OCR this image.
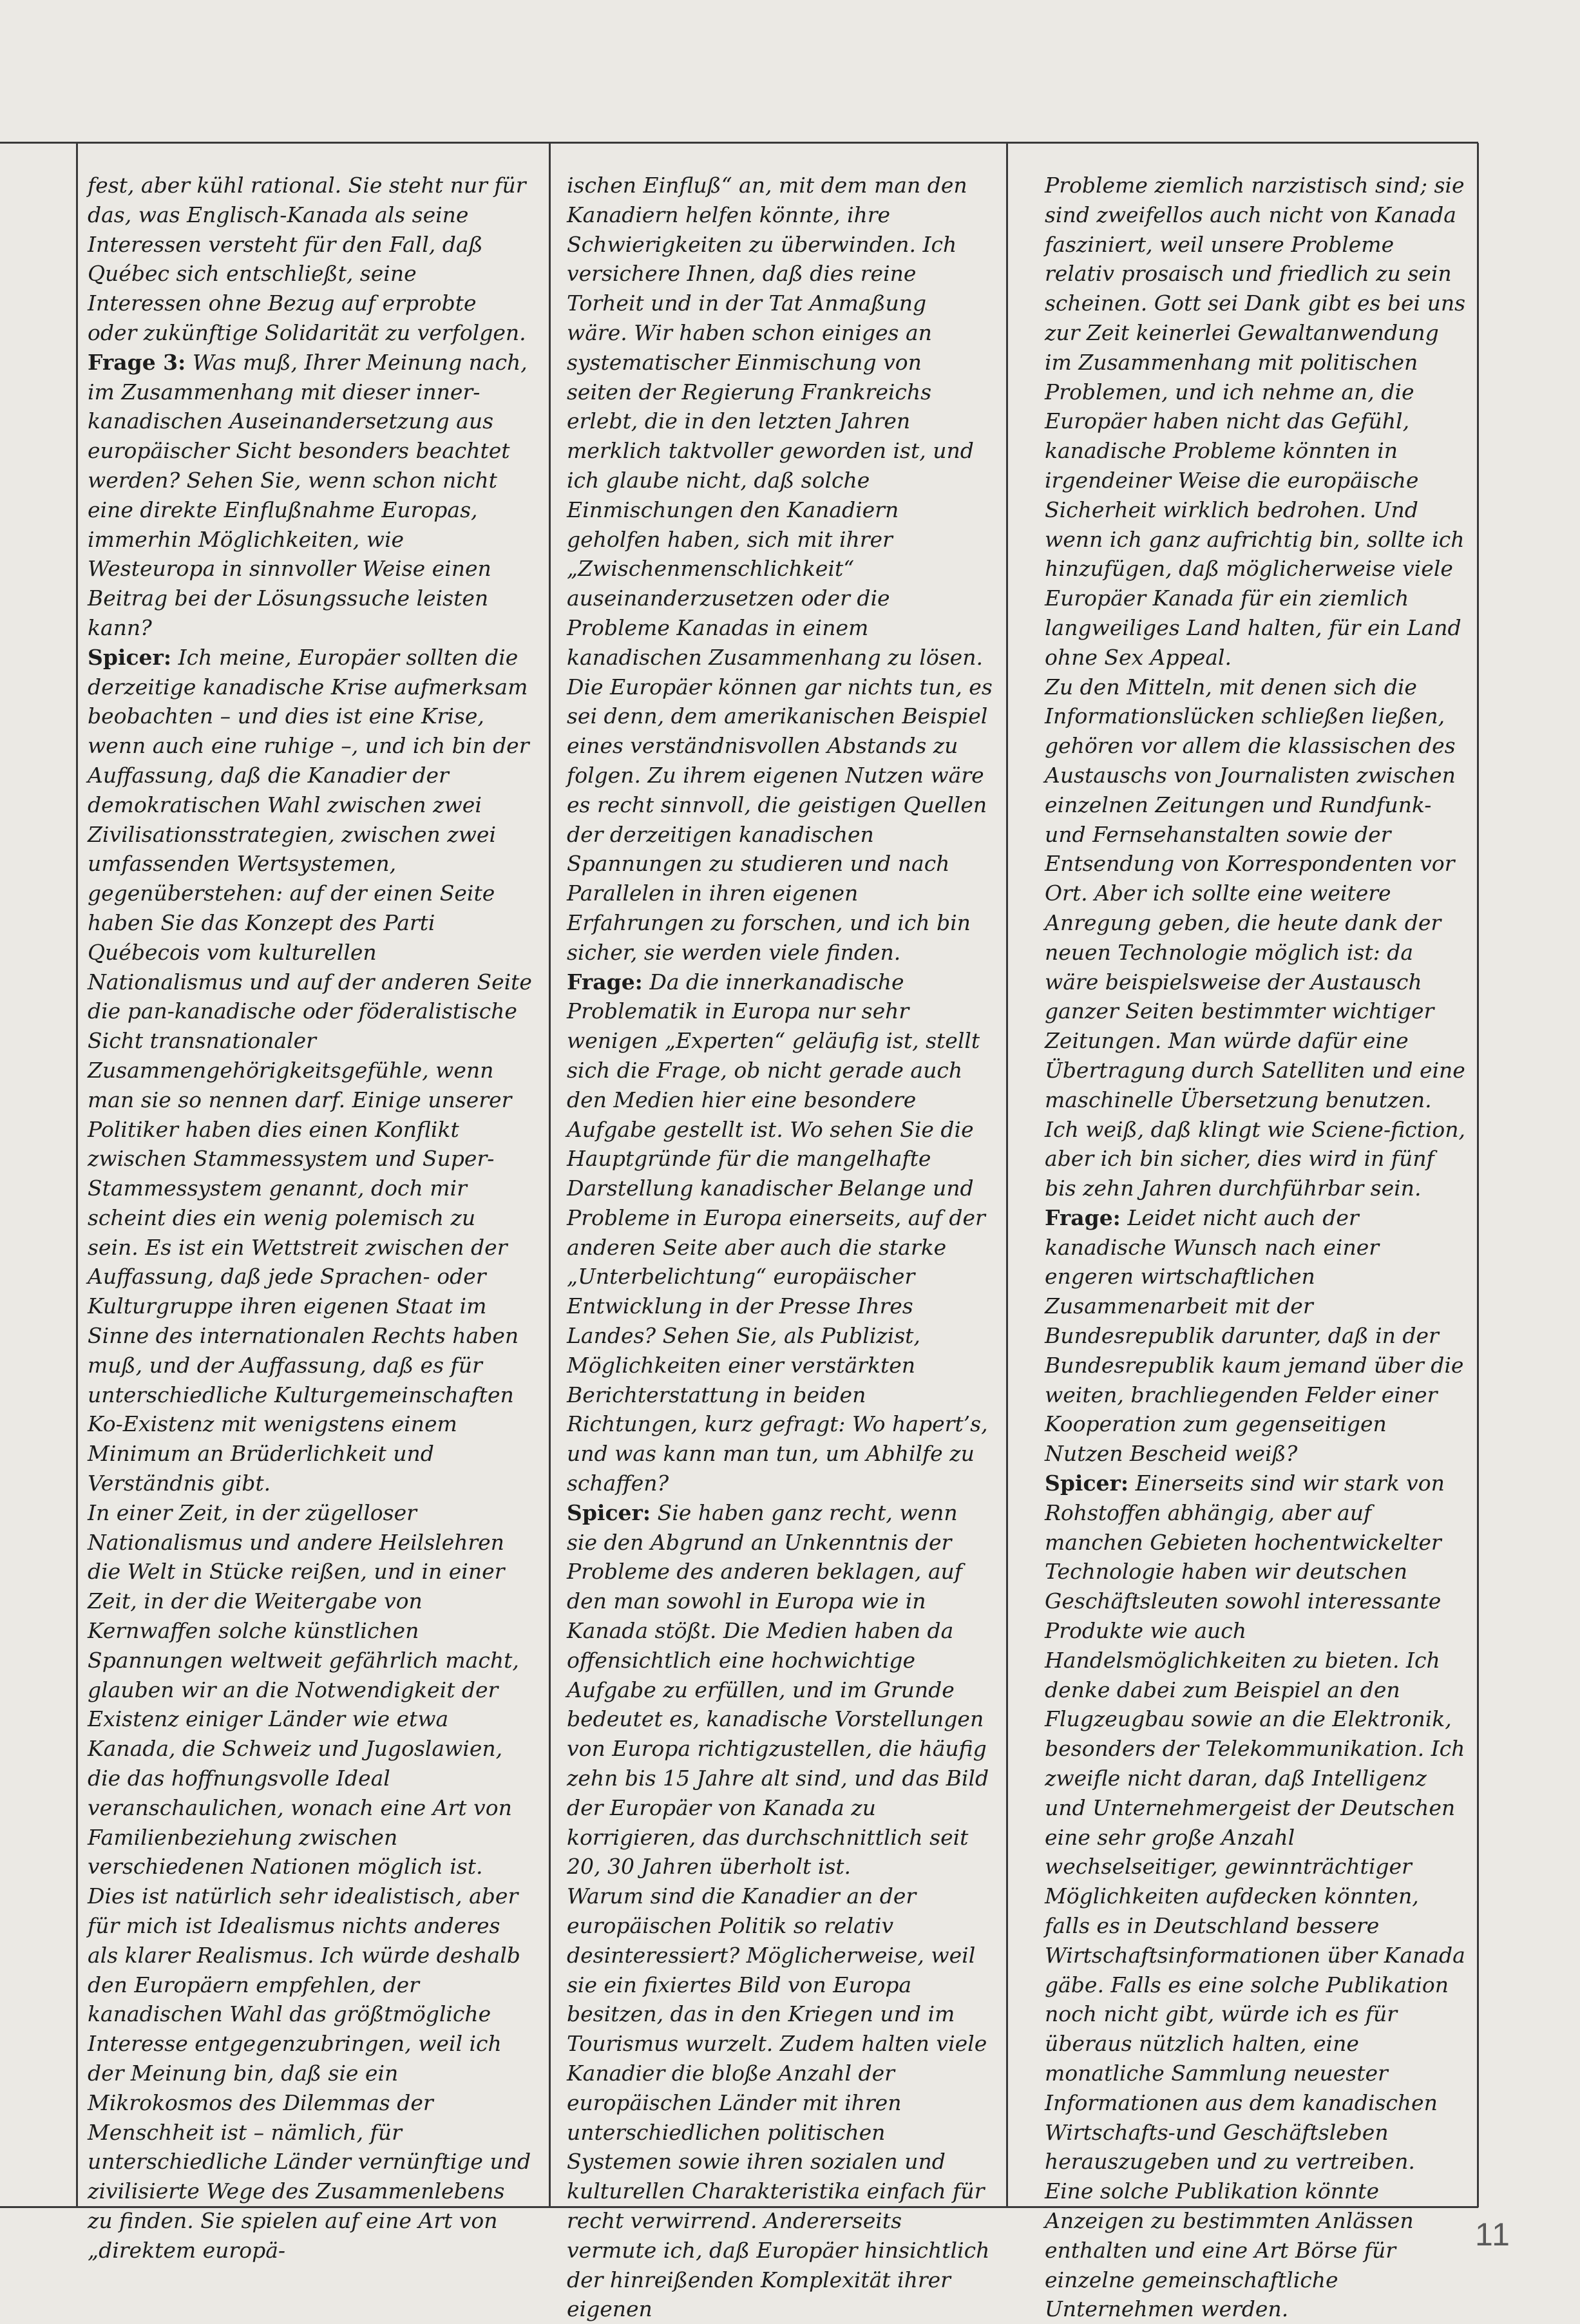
fest, aber kühl rational. Sie steht nur für das, was Englisch-Kanada als seine Interessen versteht für den Fall, daß Québec sich entschließt, seine Interessen ohne Bezug auf erprobte oder zukünftige Solidarität zu verfolgen.

Frage 3: Was muß, Ihrer Meinung nach, im Zusammenhang mit dieser inner-kanadischen Auseinandersetzung aus europäischer Sicht besonders beachtet werden? Sehen Sie, wenn schon nicht eine direkte Einflußnahme Europas, immerhin Möglichkeiten, wie Westeuropa in sinnvoller Weise einen Beitrag bei der Lösungssuche leisten kann?

Spicer: Ich meine, Europäer sollten die derzeitige kanadische Krise aufmerksam beobachten – und dies ist eine Krise, wenn auch eine ruhige –, und ich bin der Auffassung, daß die Kanadier der demokratischen Wahl zwischen zwei Zivilisationsstrategien, zwischen zwei umfassenden Wertsystemen, gegenüberstehen: auf der einen Seite haben Sie das Konzept des Parti Québecois vom kulturellen Nationalismus und auf der anderen Seite die pan-kanadische oder föderalistische Sicht transnationaler Zusammengehörigkeitsgefühle, wenn man sie so nennen darf. Einige unserer Politiker haben dies einen Konflikt zwischen Stammessystem und Super-Stammessystem genannt, doch mir scheint dies ein wenig polemisch zu sein. Es ist ein Wettstreit zwischen der Auffassung, daß jede Sprachen- oder Kulturgruppe ihren eigenen Staat im Sinne des internationalen Rechts haben muß, und der Auffassung, daß es für unterschiedliche Kulturgemeinschaften Ko-Existenz mit wenigstens einem Minimum an Brüderlichkeit und Verständnis gibt.

In einer Zeit, in der zügelloser Nationalismus und andere Heilslehren die Welt in Stücke reißen, und in einer Zeit, in der die Weitergabe von Kernwaffen solche künstlichen Spannungen weltweit gefährlich macht, glauben wir an die Notwendigkeit der Existenz einiger Länder wie etwa Kanada, die Schweiz und Jugoslawien, die das hoffnungsvolle Ideal veranschaulichen, wonach eine Art von Familienbeziehung zwischen verschiedenen Nationen möglich ist.

Dies ist natürlich sehr idealistisch, aber für mich ist Idealismus nichts anderes als klarer Realismus. Ich würde deshalb den Europäern empfehlen, der kanadischen Wahl das größtmögliche Interesse entgegenzubringen, weil ich der Meinung bin, daß sie ein Mikrokosmos des Dilemmas der Menschheit ist – nämlich, für unterschiedliche Länder vernünftige und zivilisierte Wege des Zusammenlebens zu finden. Sie spielen auf eine Art von „direktem europä-

ischen Einfluß“ an, mit dem man den Kanadiern helfen könnte, ihre Schwierigkeiten zu überwinden. Ich versichere Ihnen, daß dies reine Torheit und in der Tat Anmaßung wäre. Wir haben schon einiges an systematischer Einmischung von seiten der Regierung Frankreichs erlebt, die in den letzten Jahren merklich taktvoller geworden ist, und ich glaube nicht, daß solche Einmischungen den Kanadiern geholfen haben, sich mit ihrer „Zwischenmenschlichkeit“ auseinanderzusetzen oder die Probleme Kanadas in einem kanadischen Zusammenhang zu lösen. Die Europäer können gar nichts tun, es sei denn, dem amerikanischen Beispiel eines verständnisvollen Abstands zu folgen. Zu ihrem eigenen Nutzen wäre es recht sinnvoll, die geistigen Quellen der derzeitigen kanadischen Spannungen zu studieren und nach Parallelen in ihren eigenen Erfahrungen zu forschen, und ich bin sicher, sie werden viele finden.

Frage: Da die innerkanadische Problematik in Europa nur sehr wenigen „Experten“ geläufig ist, stellt sich die Frage, ob nicht gerade auch den Medien hier eine besondere Aufgabe gestellt ist. Wo sehen Sie die Hauptgründe für die mangelhafte Darstellung kanadischer Belange und Probleme in Europa einerseits, auf der anderen Seite aber auch die starke „Unterbelichtung“ europäischer Entwicklung in der Presse Ihres Landes? Sehen Sie, als Publizist, Möglichkeiten einer verstärkten Berichterstattung in beiden Richtungen, kurz gefragt: Wo hapert’s, und was kann man tun, um Abhilfe zu schaffen?

Spicer: Sie haben ganz recht, wenn sie den Abgrund an Unkenntnis der Probleme des anderen beklagen, auf den man sowohl in Europa wie in Kanada stößt. Die Medien haben da offensichtlich eine hochwichtige Aufgabe zu erfüllen, und im Grunde bedeutet es, kanadische Vorstellungen von Europa richtigzustellen, die häufig zehn bis 15 Jahre alt sind, und das Bild der Europäer von Kanada zu korrigieren, das durchschnittlich seit 20, 30 Jahren überholt ist.

Warum sind die Kanadier an der europäischen Politik so relativ desinteressiert? Möglicherweise, weil sie ein fixiertes Bild von Europa besitzen, das in den Kriegen und im Tourismus wurzelt. Zudem halten viele Kanadier die bloße Anzahl der europäischen Länder mit ihren unterschiedlichen politischen Systemen sowie ihren sozialen und kulturellen Charakteristika einfach für recht verwirrend. Andererseits vermute ich, daß Europäer hinsichtlich der hinreißenden Komplexität ihrer eigenen

Probleme ziemlich narzistisch sind; sie sind zweifellos auch nicht von Kanada fasziniert, weil unsere Probleme relativ prosaisch und friedlich zu sein scheinen. Gott sei Dank gibt es bei uns zur Zeit keinerlei Gewaltanwendung im Zusammenhang mit politischen Problemen, und ich nehme an, die Europäer haben nicht das Gefühl, kanadische Probleme könnten in irgendeiner Weise die europäische Sicherheit wirklich bedrohen. Und wenn ich ganz aufrichtig bin, sollte ich hinzufügen, daß möglicherweise viele Europäer Kanada für ein ziemlich langweiliges Land halten, für ein Land ohne Sex Appeal.

Zu den Mitteln, mit denen sich die Informationslücken schließen ließen, gehören vor allem die klassischen des Austauschs von Journalisten zwischen einzelnen Zeitungen und Rundfunk- und Fernsehanstalten sowie der Entsendung von Korrespondenten vor Ort. Aber ich sollte eine weitere Anregung geben, die heute dank der neuen Technologie möglich ist: da wäre beispielsweise der Austausch ganzer Seiten bestimmter wichtiger Zeitungen. Man würde dafür eine Übertragung durch Satelliten und eine maschinelle Übersetzung benutzen. Ich weiß, daß klingt wie Sciene-fiction, aber ich bin sicher, dies wird in fünf bis zehn Jahren durchführbar sein.

Frage: Leidet nicht auch der kanadische Wunsch nach einer engeren wirtschaftlichen Zusammenarbeit mit der Bundesrepublik darunter, daß in der Bundesrepublik kaum jemand über die weiten, brachliegenden Felder einer Kooperation zum gegenseitigen Nutzen Bescheid weiß?

Spicer: Einerseits sind wir stark von Rohstoffen abhängig, aber auf manchen Gebieten hochentwickelter Technologie haben wir deutschen Geschäftsleuten sowohl interessante Produkte wie auch Handelsmöglichkeiten zu bieten. Ich denke dabei zum Beispiel an den Flugzeugbau sowie an die Elektronik, besonders der Telekommunikation. Ich zweifle nicht daran, daß Intelligenz und Unternehmergeist der Deutschen eine sehr große Anzahl wechselseitiger, gewinnträchtiger Möglichkeiten aufdecken könnten, falls es in Deutschland bessere Wirtschaftsinformationen über Kanada gäbe. Falls es eine solche Publikation noch nicht gibt, würde ich es für überaus nützlich halten, eine monatliche Sammlung neuester Informationen aus dem kanadischen Wirtschafts-und Geschäftsleben herauszugeben und zu vertreiben. Eine solche Publikation könnte Anzeigen zu bestimmten Anlässen enthalten und eine Art Börse für einzelne gemeinschaftliche Unternehmen werden.

11
